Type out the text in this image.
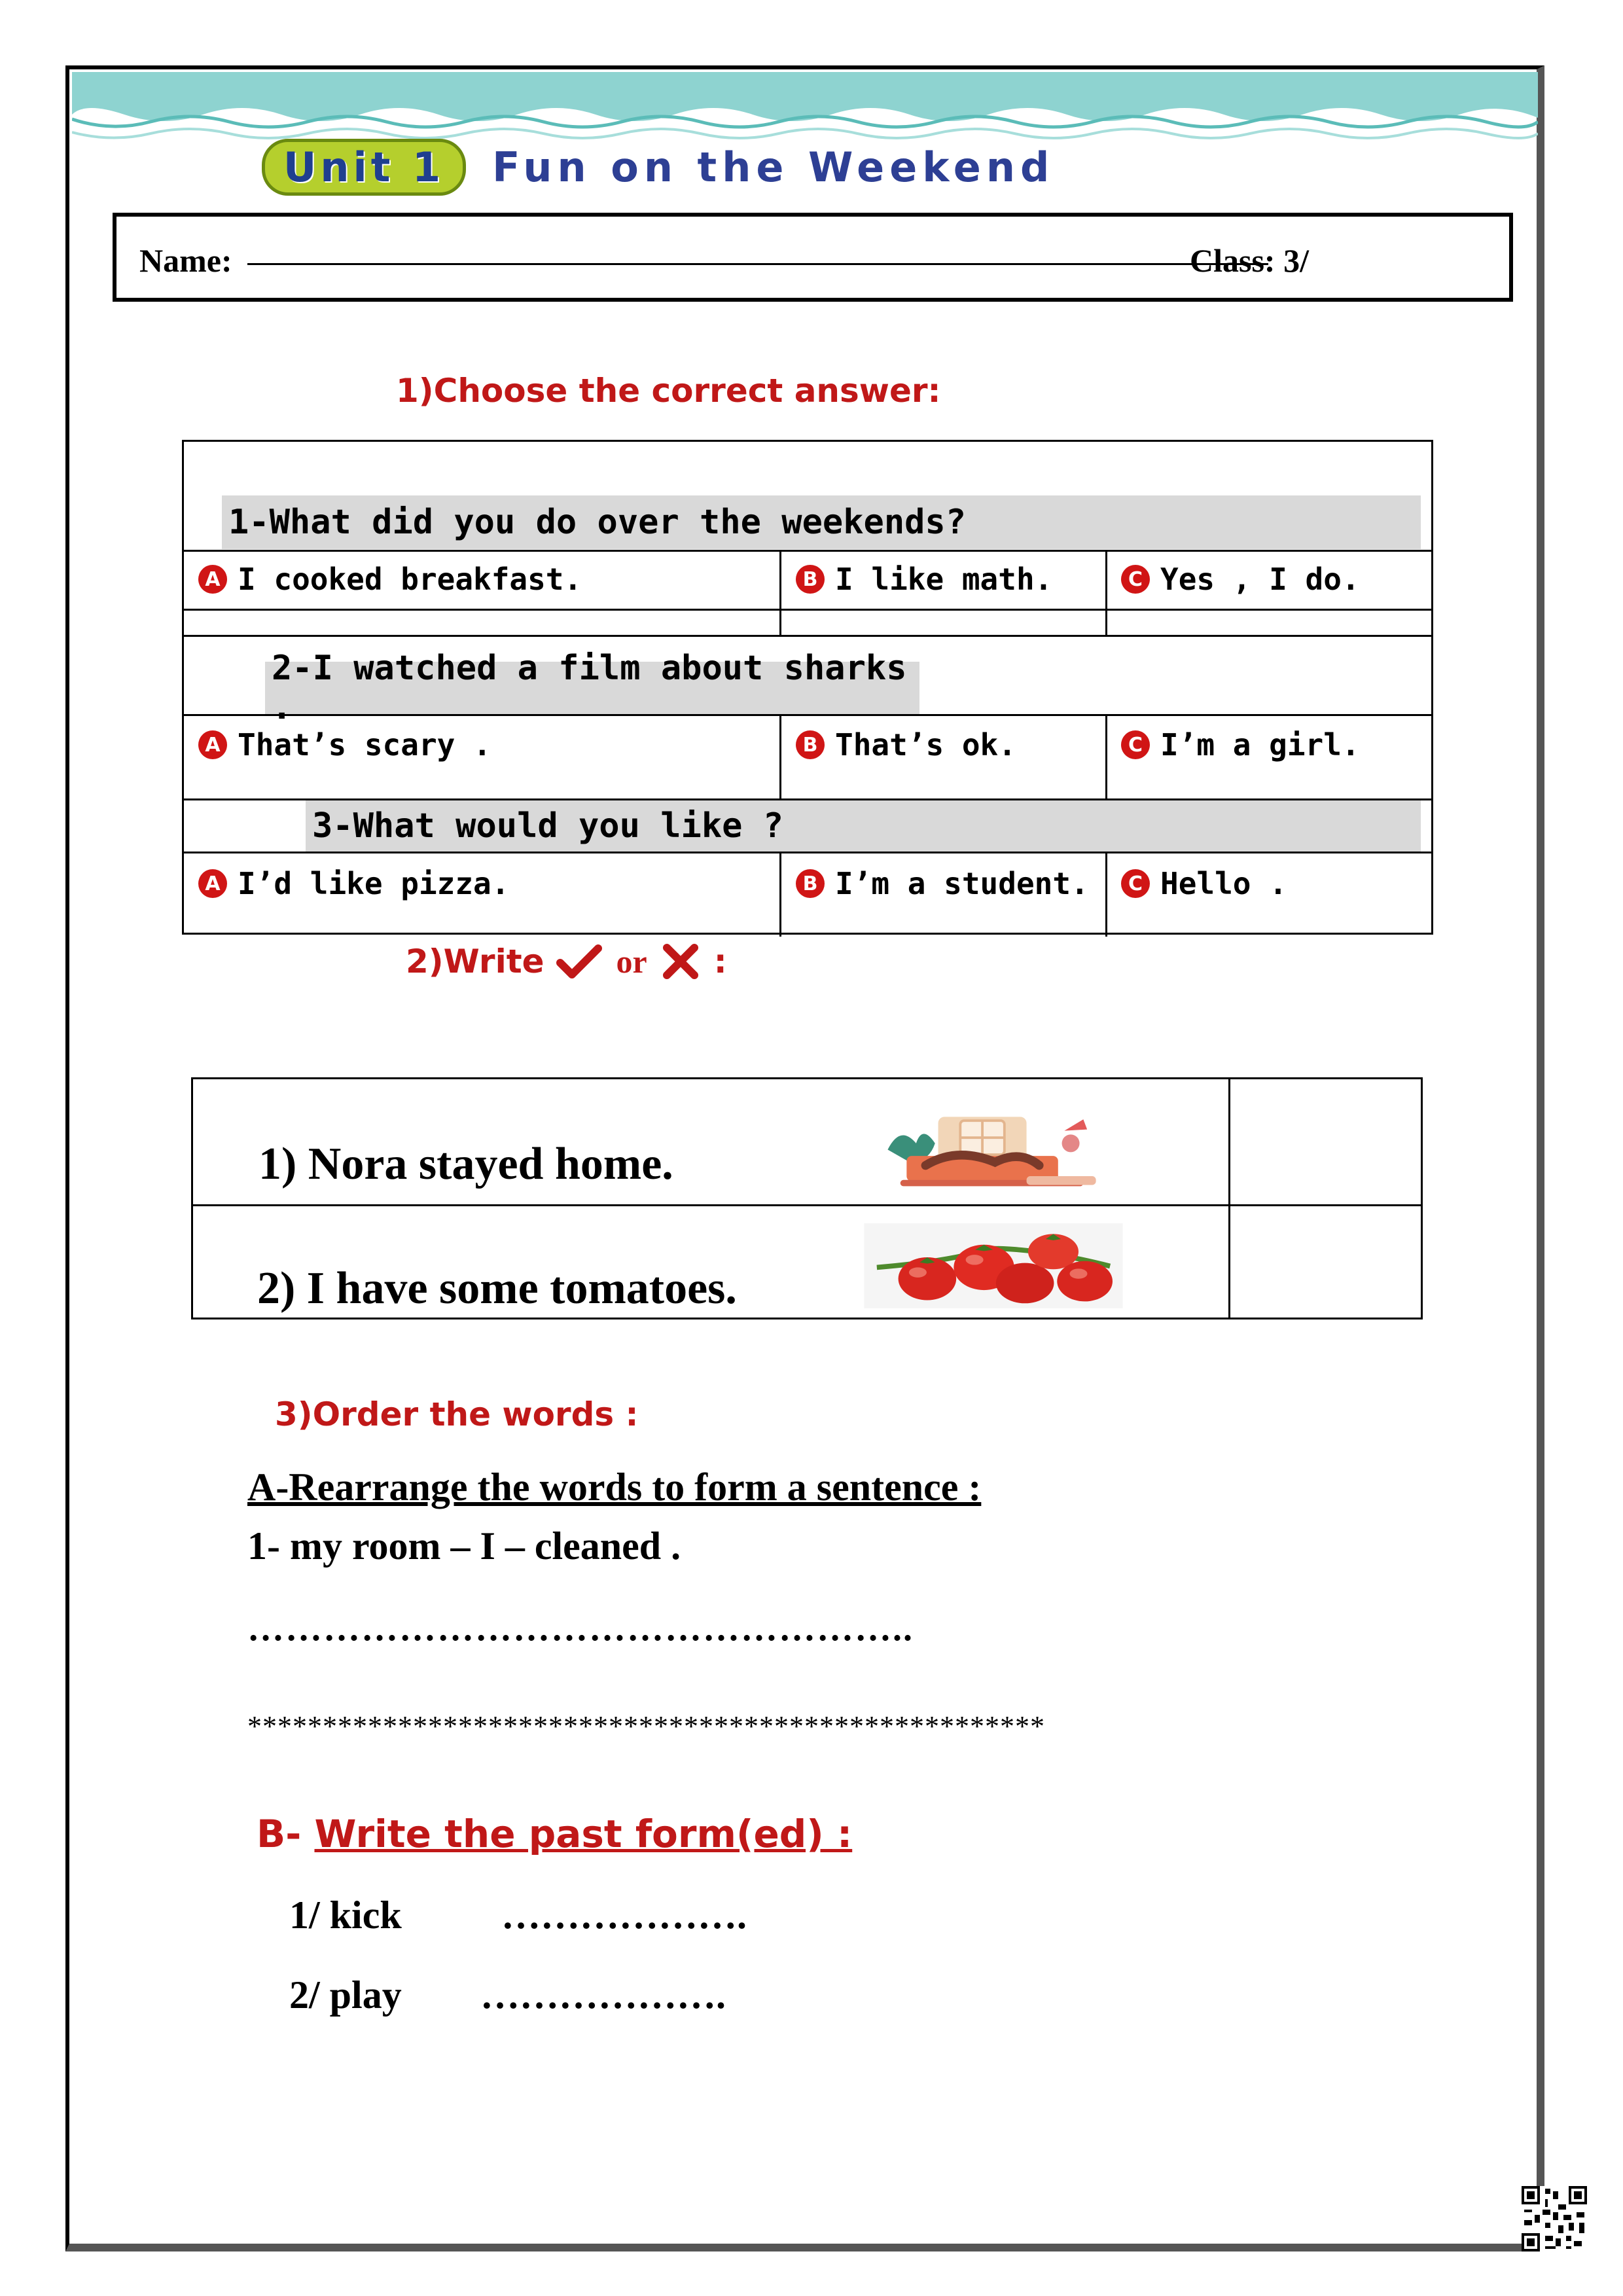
Unit 1	Fun on the Weekend
Name:	Class: 3/
1)Choose the correct answer:
1-What did you do over the weekends?
A I cooked breakfast.	B I like math.	C Yes , I do.
2-I watched a film about sharks .
A That’s scary .	B That’s ok.	C I’m a girl.
3-What would you like ?
A I’d like pizza.	B I’m a student.	C Hello .
2)Write or :
1) Nora stayed home.
2) I have some tomatoes.
3)Order the words :
A-Rearrange the words to form a sentence :
1- my room – I – cleaned .
……………………………………………..
*****************************************************
B- Write the past form(ed) :
1/ kick	……………….
2/ play ……………….
